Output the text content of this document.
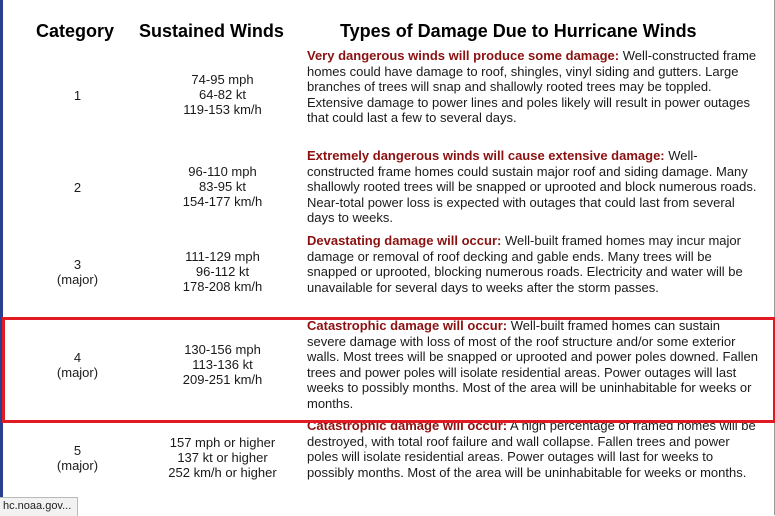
Category Sustained Winds	Types of Damage Due to Hurricane Winds
1
74-95 mph
64-82 kt
119-153 km/h
Very dangerous winds will produce some damage: Well-constructed frame homes could have damage to roof, shingles, vinyl siding and gutters. Large branches of trees will snap and shallowly rooted trees may be toppled. Extensive damage to power lines and poles likely will result in power outages that could last a few to several days.
2
96-110 mph
83-95 kt
154-177 km/h
Extremely dangerous winds will cause extensive damage: Well-constructed frame homes could sustain major roof and siding damage. Many shallowly rooted trees will be snapped or uprooted and block numerous roads. Near-total power loss is expected with outages that could last from several days to weeks.
3
(major)
111-129 mph
96-112 kt
178-208 km/h
Devastating damage will occur: Well-built framed homes may incur major damage or removal of roof decking and gable ends. Many trees will be snapped or uprooted, blocking numerous roads. Electricity and water will be unavailable for several days to weeks after the storm passes.
4
(major)
130-156 mph
113-136 kt
209-251 km/h
Catastrophic damage will occur: Well-built framed homes can sustain severe damage with loss of most of the roof structure and/or some exterior walls. Most trees will be snapped or uprooted and power poles downed. Fallen trees and power poles will isolate residential areas. Power outages will last weeks to possibly months. Most of the area will be uninhabitable for weeks or months.
5
(major)
157 mph or higher
137 kt or higher
252 km/h or higher
Catastrophic damage will occur: A high percentage of framed homes will be destroyed, with total roof failure and wall collapse. Fallen trees and power poles will isolate residential areas. Power outages will last for weeks to possibly months. Most of the area will be uninhabitable for weeks or months.
hc.noaa.gov...
